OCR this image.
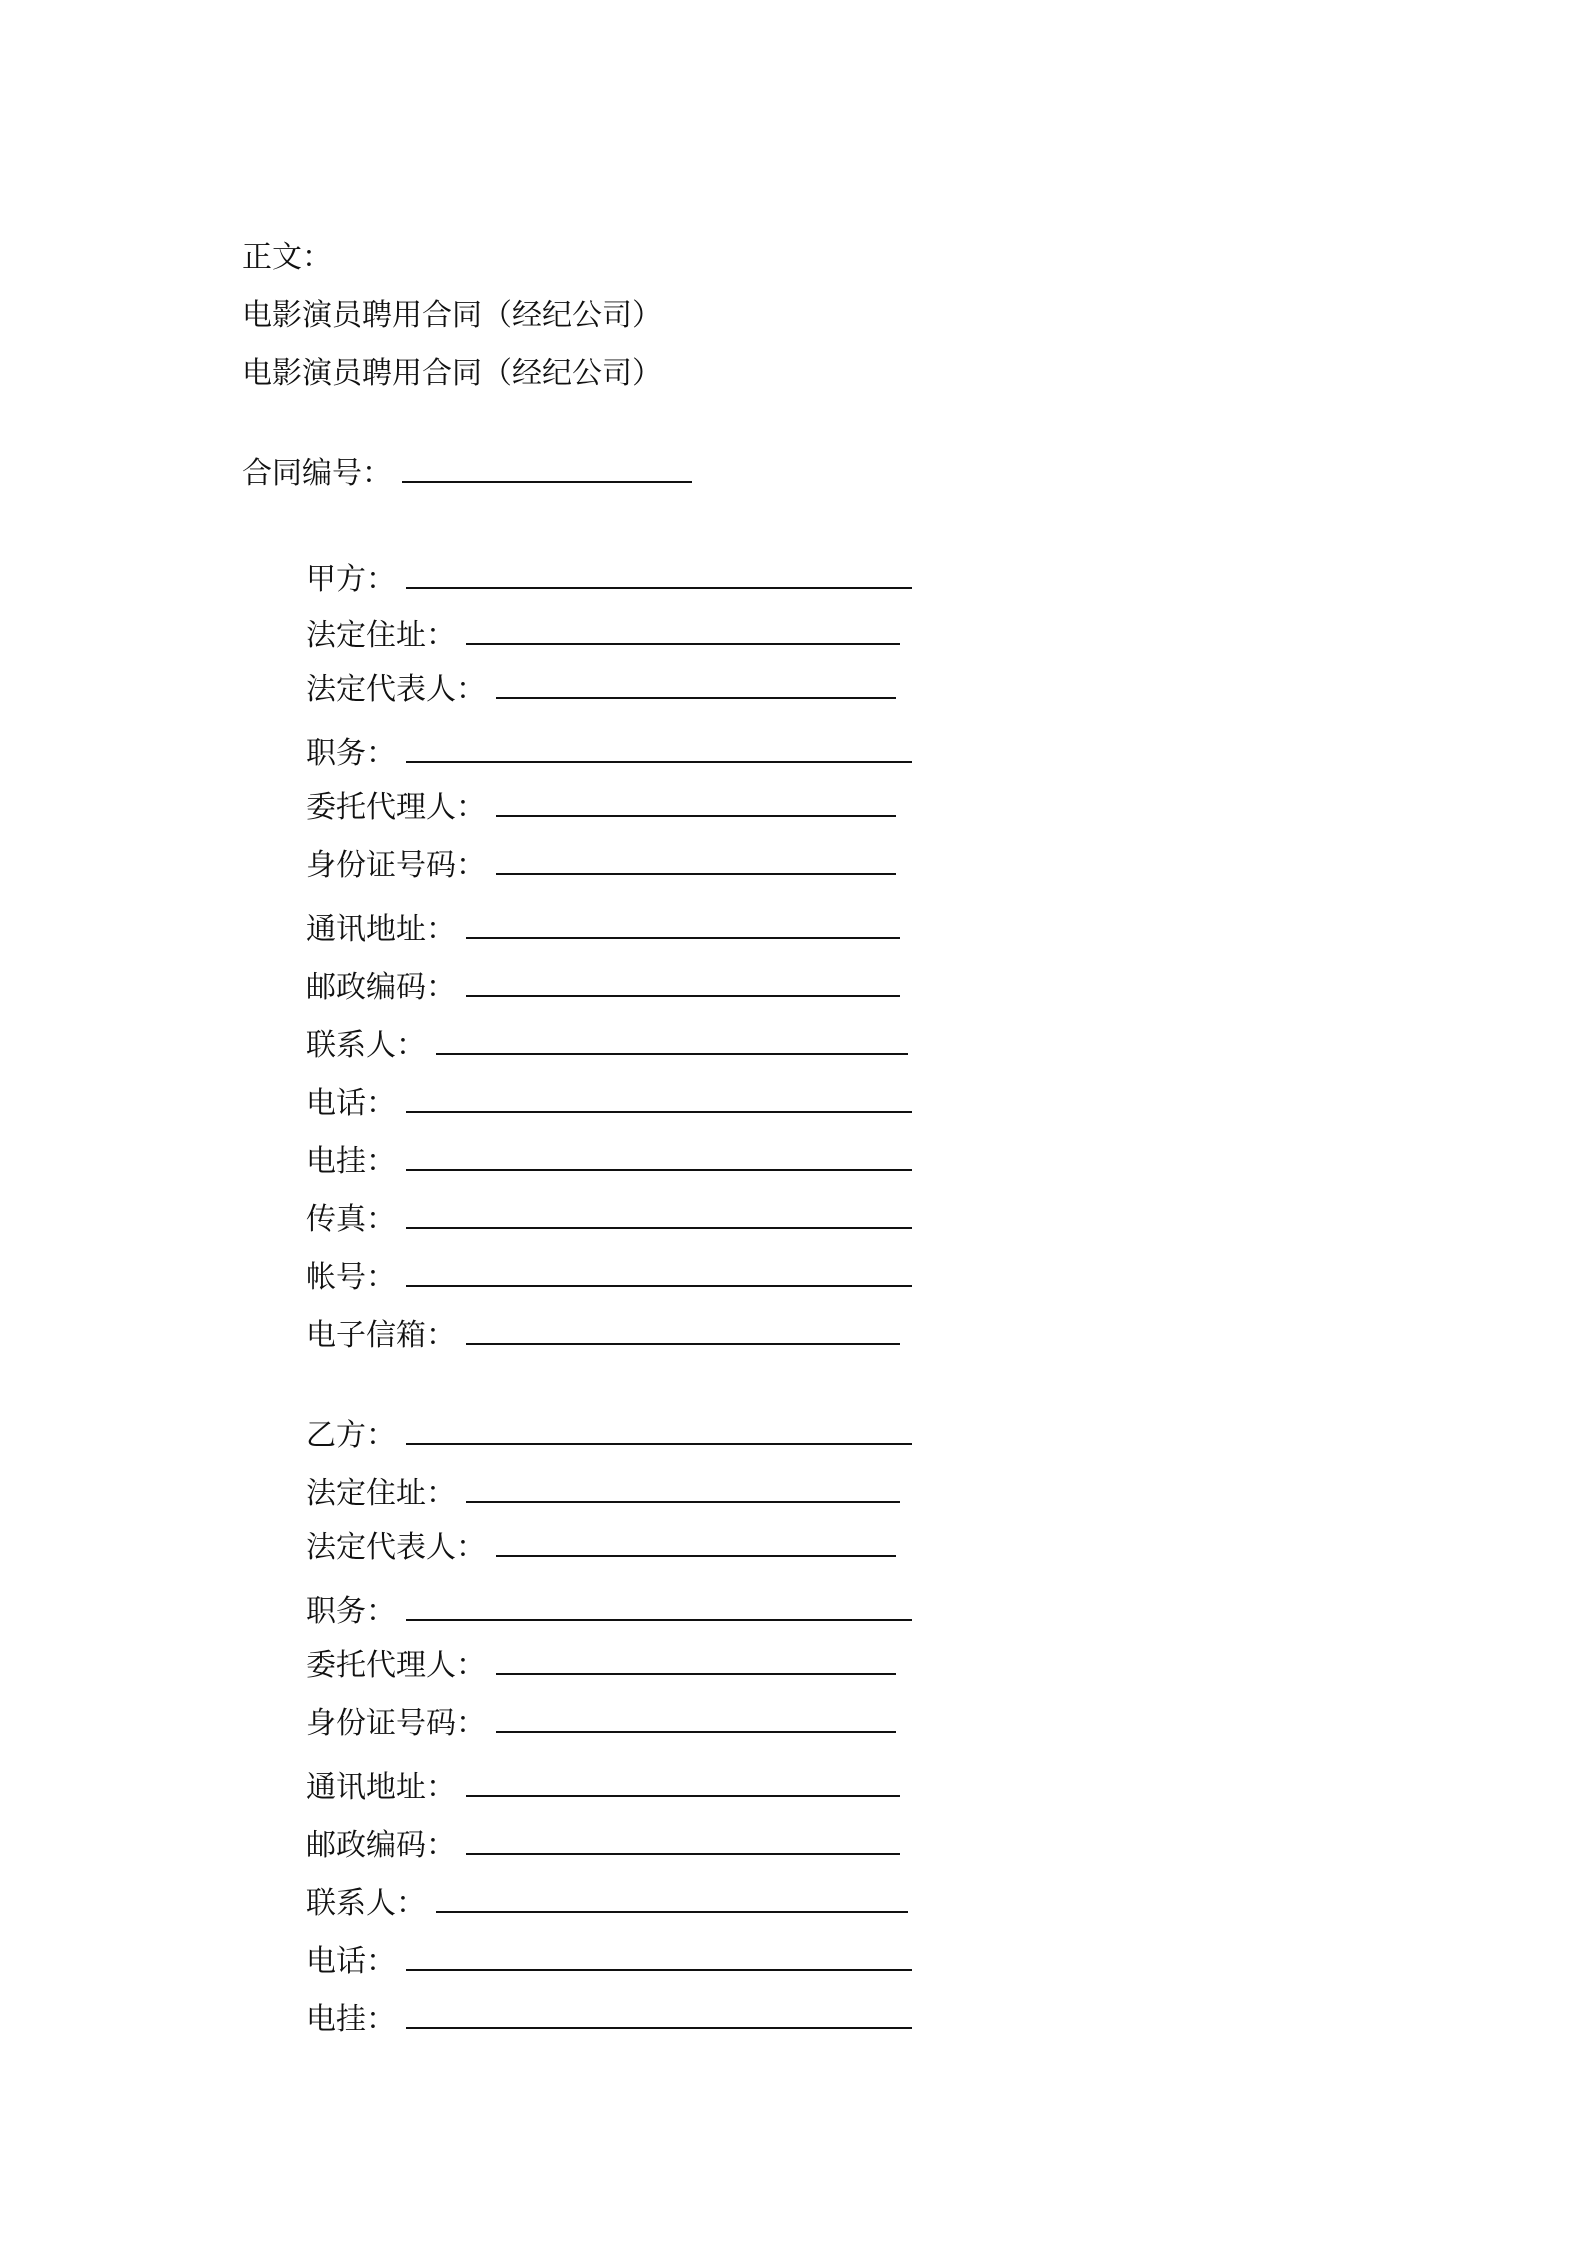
正文：
电影演员聘用合同（经纪公司）
电影演员聘用合同（经纪公司）
合同编号：
甲方：
法定住址：
法定代表人：
职务：
委托代理人：
身份证号码：
通讯地址：
邮政编码：
联系人：
电话：
电挂：
传真：
帐号：
电子信箱：
乙方：
法定住址：
法定代表人：
职务：
委托代理人：
身份证号码：
通讯地址：
邮政编码：
联系人：
电话：
电挂：
